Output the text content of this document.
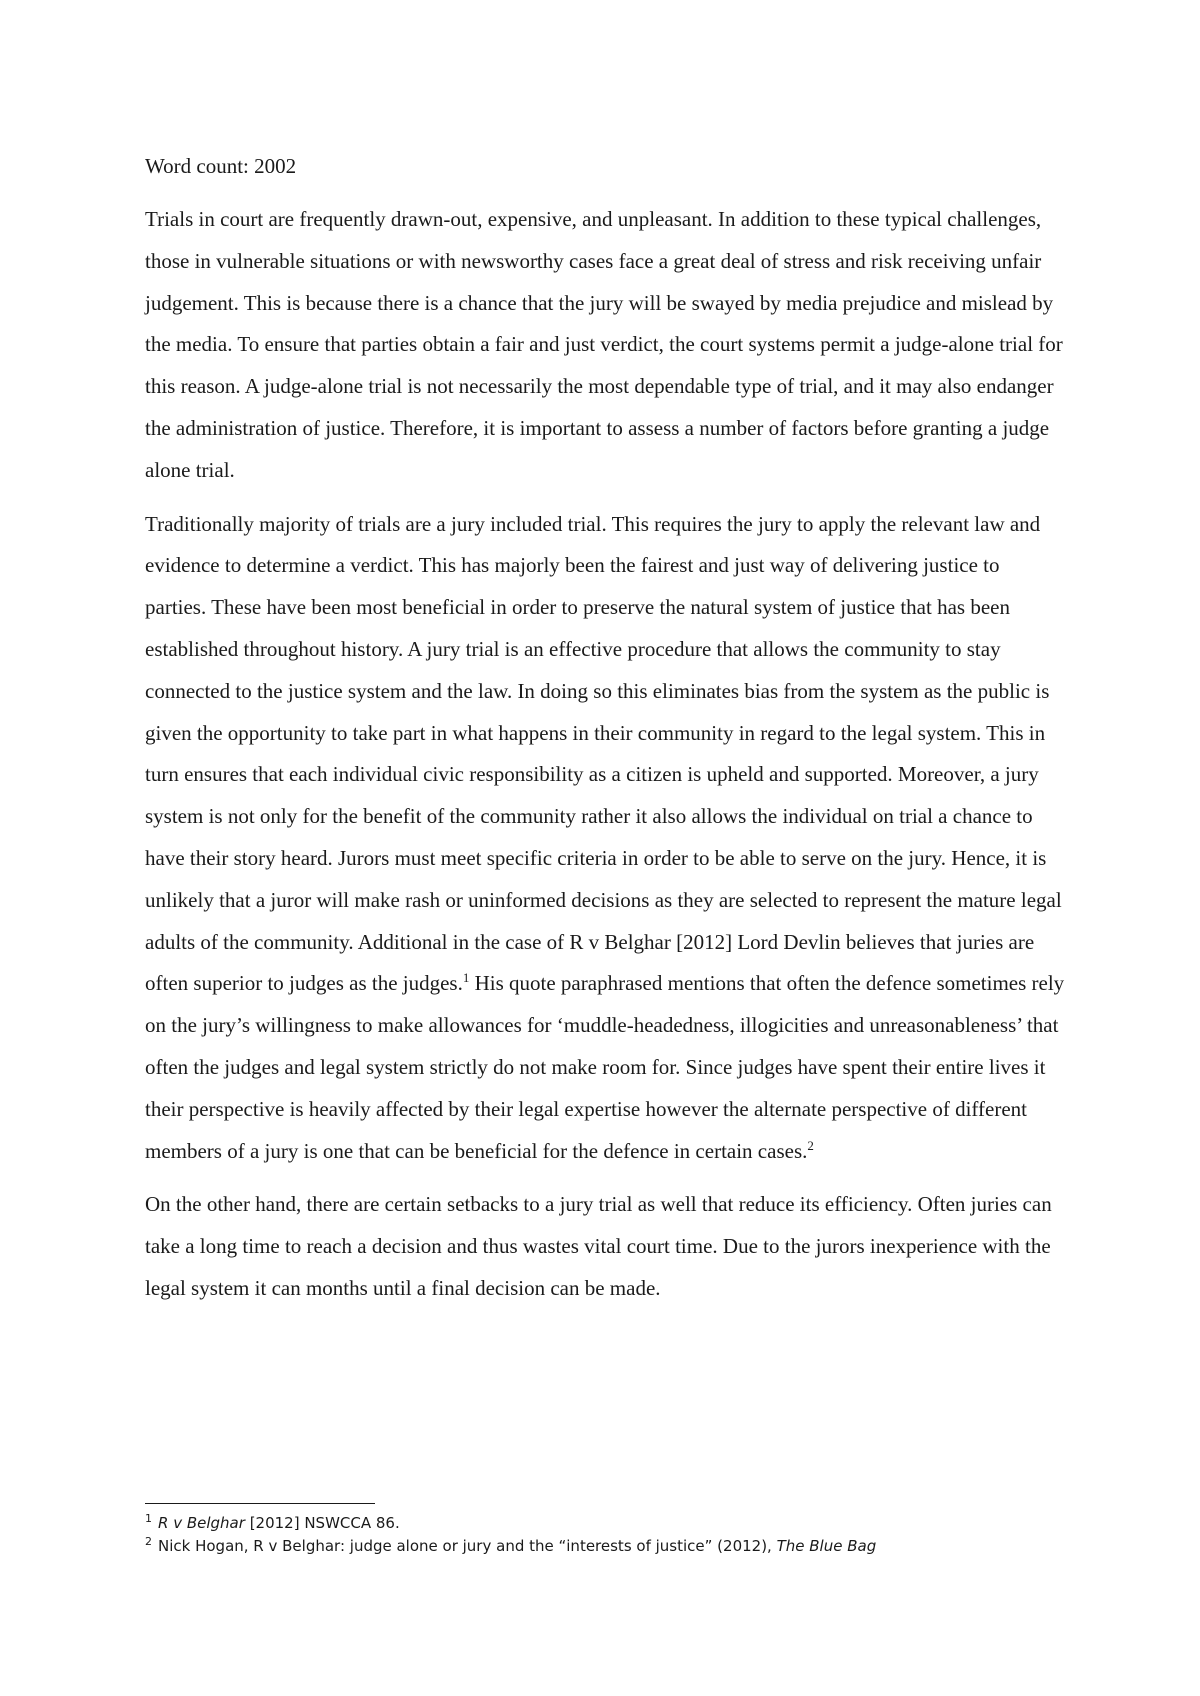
Word count: 2002

Trials in court are frequently drawn-out, expensive, and unpleasant. In addition to these typical challenges, those in vulnerable situations or with newsworthy cases face a great deal of stress and risk receiving unfair judgement. This is because there is a chance that the jury will be swayed by media prejudice and mislead by the media. To ensure that parties obtain a fair and just verdict, the court systems permit a judge-alone trial for this reason. A judge-alone trial is not necessarily the most dependable type of trial, and it may also endanger the administration of justice. Therefore, it is important to assess a number of factors before granting a judge alone trial.

Traditionally majority of trials are a jury included trial. This requires the jury to apply the relevant law and evidence to determine a verdict. This has majorly been the fairest and just way of delivering justice to parties. These have been most beneficial in order to preserve the natural system of justice that has been established throughout history. A jury trial is an effective procedure that allows the community to stay connected to the justice system and the law. In doing so this eliminates bias from the system as the public is given the opportunity to take part in what happens in their community in regard to the legal system. This in turn ensures that each individual civic responsibility as a citizen is upheld and supported. Moreover, a jury system is not only for the benefit of the community rather it also allows the individual on trial a chance to have their story heard. Jurors must meet specific criteria in order to be able to serve on the jury. Hence, it is unlikely that a juror will make rash or uninformed decisions as they are selected to represent the mature legal adults of the community. Additional in the case of R v Belghar [2012] Lord Devlin believes that juries are often superior to judges as the judges.$^1$ His quote paraphrased mentions that often the defence sometimes rely on the jury’s willingness to make allowances for ‘muddle-headedness, illogicities and unreasonableness’ that often the judges and legal system strictly do not make room for. Since judges have spent their entire lives it their perspective is heavily affected by their legal expertise however the alternate perspective of different members of a jury is one that can be beneficial for the defence in certain cases.$^2$

On the other hand, there are certain setbacks to a jury trial as well that reduce its efficiency. Often juries can take a long time to reach a decision and thus wastes vital court time. Due to the jurors inexperience with the legal system it can months until a final decision can be made.

$^1$ R v Belghar [2012] NSWCCA 86.

$^2$ Nick Hogan, R v Belghar: judge alone or jury and the “interests of justice” (2012), The Blue Bag
